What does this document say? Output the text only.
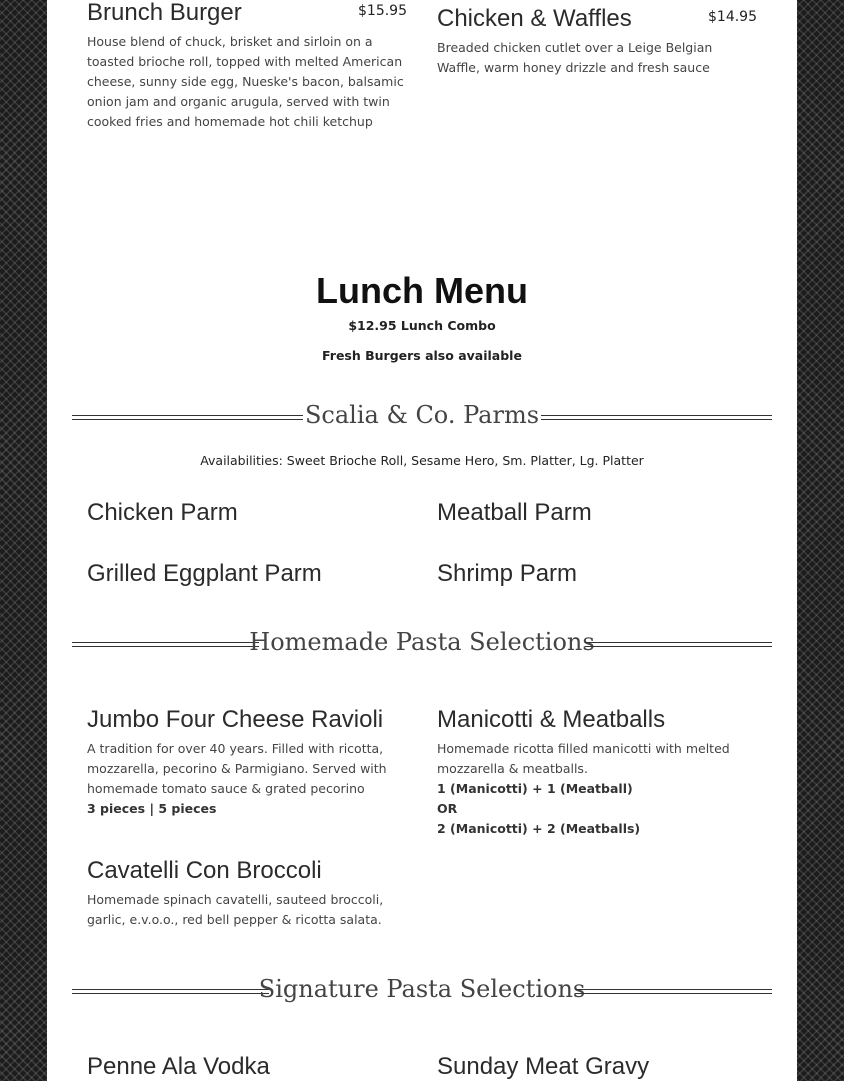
Brunch Burger	$15.95
House blend of chuck, brisket and sirloin on a toasted brioche roll, topped with melted American cheese, sunny side egg, Nueske's bacon, balsamic onion jam and organic arugula, served with twin cooked fries and homemade hot chili ketchup
Chicken & Waffles	$14.95
Breaded chicken cutlet over a Leige Belgian Waffle, warm honey drizzle and fresh sauce
Lunch Menu
$12.95 Lunch Combo
Fresh Burgers also available
Scalia & Co. Parms
Availabilities: Sweet Brioche Roll, Sesame Hero, Sm. Platter, Lg. Platter
Chicken Parm	Meatball Parm
Grilled Eggplant Parm	Shrimp Parm
Homemade Pasta Selections
Jumbo Four Cheese Ravioli
A tradition for over 40 years. Filled with ricotta, mozzarella, pecorino & Parmigiano. Served with homemade tomato sauce & grated pecorino
3 pieces | 5 pieces
Manicotti & Meatballs
Homemade ricotta filled manicotti with melted mozzarella & meatballs.
1 (Manicotti) + 1 (Meatball)
OR
2 (Manicotti) + 2 (Meatballs)
Cavatelli Con Broccoli
Homemade spinach cavatelli, sauteed broccoli, garlic, e.v.o.o., red bell pepper & ricotta salata.
Signature Pasta Selections
Penne Ala Vodka	Sunday Meat Gravy
